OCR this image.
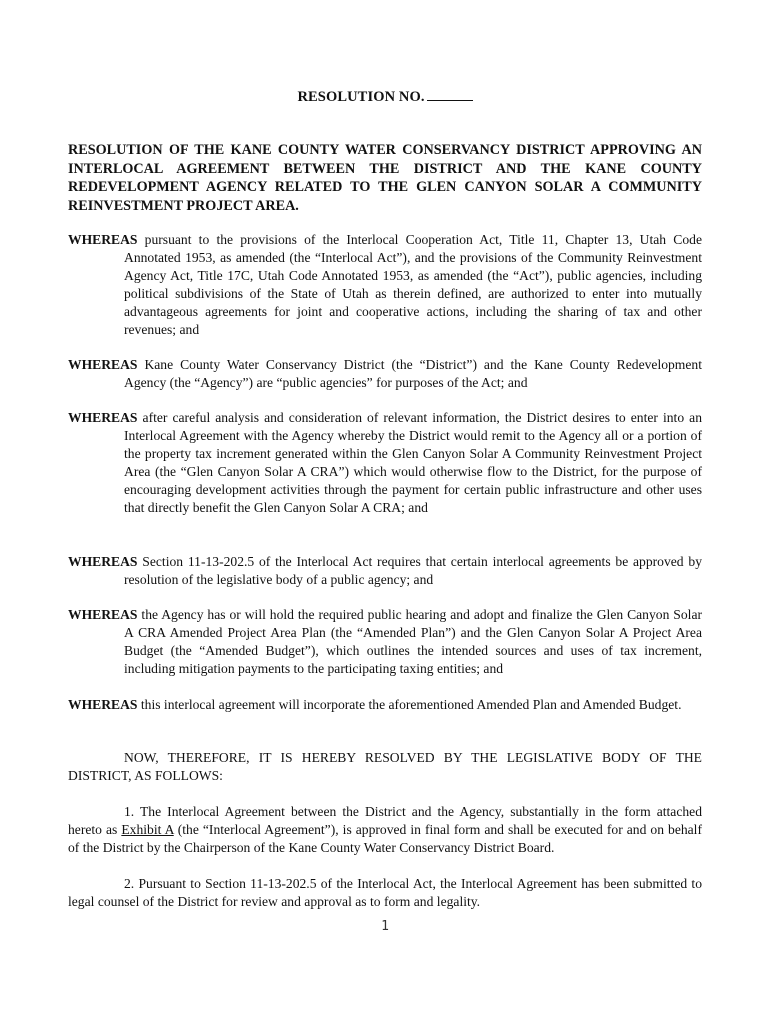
RESOLUTION NO.
RESOLUTION OF THE KANE COUNTY WATER CONSERVANCY DISTRICT APPROVING AN INTERLOCAL AGREEMENT BETWEEN THE DISTRICT AND THE KANE COUNTY REDEVELOPMENT AGENCY RELATED TO THE GLEN CANYON SOLAR A COMMUNITY REINVESTMENT PROJECT AREA.
WHEREAS pursuant to the provisions of the Interlocal Cooperation Act, Title 11, Chapter 13, Utah Code Annotated 1953, as amended (the “Interlocal Act”), and the provisions of the Community Reinvestment Agency Act, Title 17C, Utah Code Annotated 1953, as amended (the “Act”), public agencies, including political subdivisions of the State of Utah as therein defined, are authorized to enter into mutually advantageous agreements for joint and cooperative actions, including the sharing of tax and other revenues; and
WHEREAS Kane County Water Conservancy District (the “District”) and the Kane County Redevelopment Agency (the “Agency”) are “public agencies” for purposes of the Act; and
WHEREAS after careful analysis and consideration of relevant information, the District desires to enter into an Interlocal Agreement with the Agency whereby the District would remit to the Agency all or a portion of the property tax increment generated within the Glen Canyon Solar A Community Reinvestment Project Area (the “Glen Canyon Solar A CRA”) which would otherwise flow to the District, for the purpose of encouraging development activities through the payment for certain public infrastructure and other uses that directly benefit the Glen Canyon Solar A CRA; and
WHEREAS Section 11-13-202.5 of the Interlocal Act requires that certain interlocal agreements be approved by resolution of the legislative body of a public agency; and
WHEREAS the Agency has or will hold the required public hearing and adopt and finalize the Glen Canyon Solar A CRA Amended Project Area Plan (the “Amended Plan”) and the Glen Canyon Solar A Project Area Budget (the “Amended Budget”), which outlines the intended sources and uses of tax increment, including mitigation payments to the participating taxing entities; and
WHEREAS this interlocal agreement will incorporate the aforementioned Amended Plan and Amended Budget.
NOW, THEREFORE, IT IS HEREBY RESOLVED BY THE LEGISLATIVE BODY OF THE DISTRICT, AS FOLLOWS:
1. The Interlocal Agreement between the District and the Agency, substantially in the form attached hereto as Exhibit A (the “Interlocal Agreement”), is approved in final form and shall be executed for and on behalf of the District by the Chairperson of the Kane County Water Conservancy District Board.
2. Pursuant to Section 11-13-202.5 of the Interlocal Act, the Interlocal Agreement has been submitted to legal counsel of the District for review and approval as to form and legality.
1
